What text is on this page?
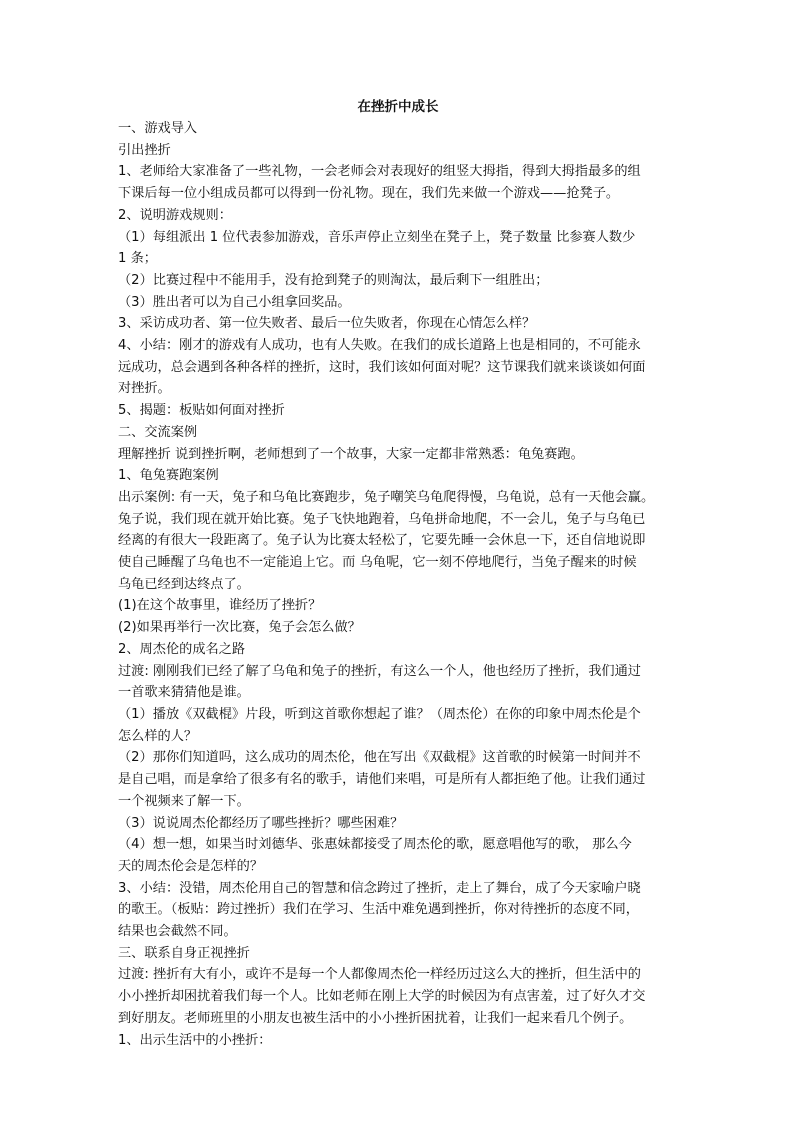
在挫折中成长
一、游戏导入
引出挫折
1、老师给大家准备了一些礼物，一会老师会对表现好的组竖大拇指，得到大拇指最多的组
下课后每一位小组成员都可以得到一份礼物。现在，我们先来做一个游戏——抢凳子。
2、说明游戏规则：
（1）每组派出 1 位代表参加游戏，音乐声停止立刻坐在凳子上，凳子数量 比参赛人数少
1 条；
（2）比赛过程中不能用手，没有抢到凳子的则淘汰，最后剩下一组胜出；
（3）胜出者可以为自己小组拿回奖品。
3、采访成功者、第一位失败者、最后一位失败者，你现在心情怎么样？
4、小结：刚才的游戏有人成功，也有人失败。在我们的成长道路上也是相同的，不可能永
远成功，总会遇到各种各样的挫折，这时，我们该如何面对呢？这节课我们就来谈谈如何面
对挫折。
5、揭题：板贴如何面对挫折
二、交流案例
理解挫折 说到挫折啊，老师想到了一个故事，大家一定都非常熟悉：龟兔赛跑。
1、龟兔赛跑案例
出示案例: 有一天，兔子和乌龟比赛跑步，兔子嘲笑乌龟爬得慢，乌龟说，总有一天他会赢。
兔子说，我们现在就开始比赛。兔子飞快地跑着，乌龟拼命地爬，不一会儿，兔子与乌龟已
经离的有很大一段距离了。兔子认为比赛太轻松了，它要先睡一会休息一下，还自信地说即
使自己睡醒了乌龟也不一定能追上它。而 乌龟呢，它一刻不停地爬行，当兔子醒来的时候
乌龟已经到达终点了。
(1)在这个故事里，谁经历了挫折？
(2)如果再举行一次比赛，兔子会怎么做？
2、周杰伦的成名之路
过渡: 刚刚我们已经了解了乌龟和兔子的挫折，有这么一个人，他也经历了挫折，我们通过
一首歌来猜猜他是谁。
（1）播放《双截棍》片段，听到这首歌你想起了谁？（周杰伦）在你的印象中周杰伦是个
怎么样的人？
（2）那你们知道吗，这么成功的周杰伦，他在写出《双截棍》这首歌的时候第一时间并不
是自己唱，而是拿给了很多有名的歌手，请他们来唱，可是所有人都拒绝了他。让我们通过
一个视频来了解一下。
（3）说说周杰伦都经历了哪些挫折？哪些困难？
（4）想一想，如果当时刘德华、张惠妹都接受了周杰伦的歌，愿意唱他写的歌， 那么今
天的周杰伦会是怎样的？
3、小结：没错，周杰伦用自己的智慧和信念跨过了挫折，走上了舞台，成了今天家喻户晓
的歌王。（板贴：跨过挫折）我们在学习、生活中难免遇到挫折，你对待挫折的态度不同，
结果也会截然不同。
三、联系自身正视挫折
过渡: 挫折有大有小，或许不是每一个人都像周杰伦一样经历过这么大的挫折，但生活中的
小小挫折却困扰着我们每一个人。比如老师在刚上大学的时候因为有点害羞，过了好久才交
到好朋友。老师班里的小朋友也被生活中的小小挫折困扰着，让我们一起来看几个例子。
1、出示生活中的小挫折：
